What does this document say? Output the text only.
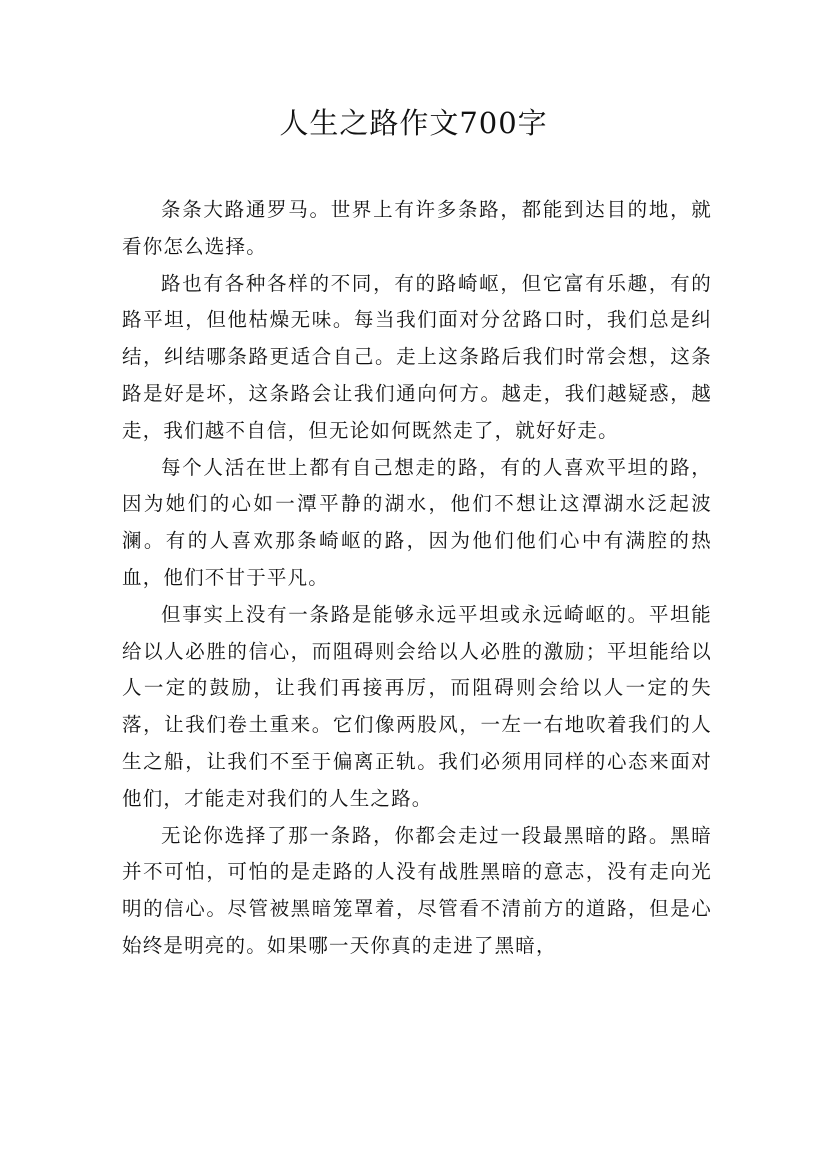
人生之路作文700字

条条大路通罗马。世界上有许多条路，都能到达目的地，就看你怎么选择。

路也有各种各样的不同，有的路崎岖，但它富有乐趣，有的路平坦，但他枯燥无味。每当我们面对分岔路口时，我们总是纠结，纠结哪条路更适合自己。走上这条路后我们时常会想，这条路是好是坏，这条路会让我们通向何方。越走，我们越疑惑，越走，我们越不自信，但无论如何既然走了，就好好走。

每个人活在世上都有自己想走的路，有的人喜欢平坦的路，因为她们的心如一潭平静的湖水，他们不想让这潭湖水泛起波澜。有的人喜欢那条崎岖的路，因为他们他们心中有满腔的热血，他们不甘于平凡。

但事实上没有一条路是能够永远平坦或永远崎岖的。平坦能给以人必胜的信心，而阻碍则会给以人必胜的激励；平坦能给以人一定的鼓励，让我们再接再厉，而阻碍则会给以人一定的失落，让我们卷土重来。它们像两股风，一左一右地吹着我们的人生之船，让我们不至于偏离正轨。我们必须用同样的心态来面对他们，才能走对我们的人生之路。

无论你选择了那一条路，你都会走过一段最黑暗的路。黑暗并不可怕，可怕的是走路的人没有战胜黑暗的意志，没有走向光明的信心。尽管被黑暗笼罩着，尽管看不清前方的道路，但是心始终是明亮的。如果哪一天你真的走进了黑暗，
